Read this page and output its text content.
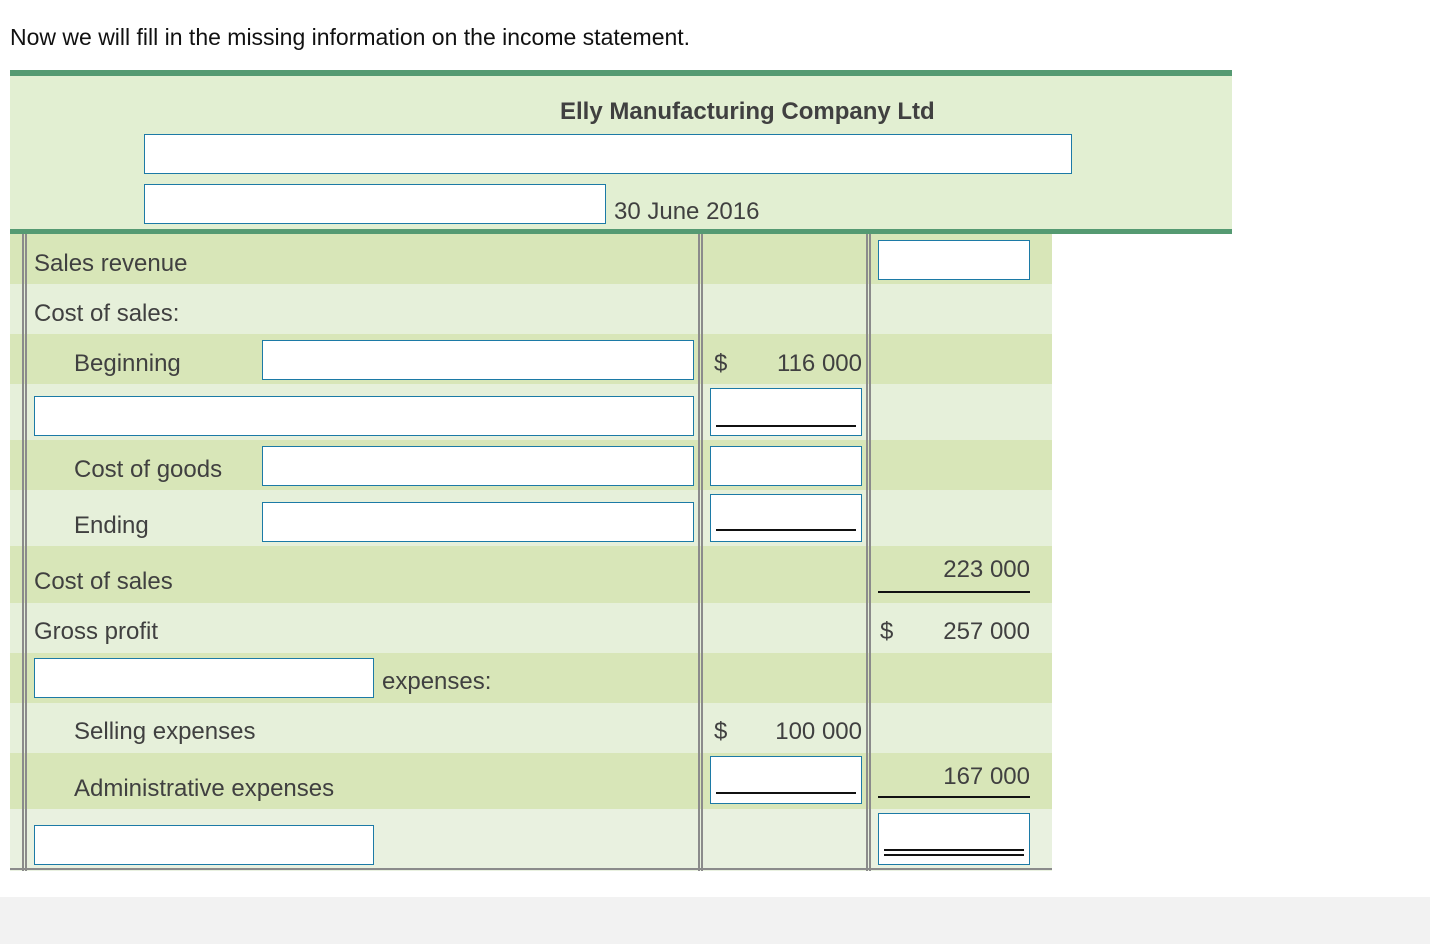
Now we will fill in the missing information on the income statement.

Elly Manufacturing Company Ltd
30 June 2016
Sales revenue
Cost of sales:
Beginning	$ 116 000
Cost of goods
Ending
Cost of sales	223 000
Gross profit	$ 257 000
expenses:
Selling expenses	$ 100 000
Administrative expenses	167 000
